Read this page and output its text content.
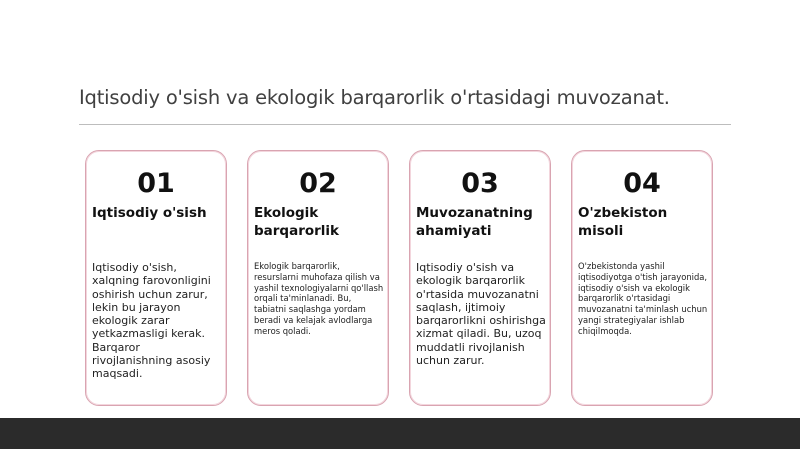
Iqtisodiy o'sish va ekologik barqarorlik o'rtasidagi muvozanat.
01
Iqtisodiy o'sish
Iqtisodiy o'sish, xalqning farovonligini oshirish uchun zarur, lekin bu jarayon ekologik zarar yetkazmasligi kerak. Barqaror rivojlanishning asosiy maqsadi.
02
Ekologik barqarorlik
Ekologik barqarorlik, resurslarni muhofaza qilish va yashil texnologiyalarni qo'llash orqali ta'minlanadi. Bu, tabiatni saqlashga yordam beradi va kelajak avlodlarga meros qoladi.
03
Muvozanatning ahamiyati
Iqtisodiy o'sish va ekologik barqarorlik o'rtasida muvozanatni saqlash, ijtimoiy barqarorlikni oshirishga xizmat qiladi. Bu, uzoq muddatli rivojlanish uchun zarur.
04
O'zbekiston misoli
O'zbekistonda yashil iqtisodiyotga o'tish jarayonida, iqtisodiy o'sish va ekologik barqarorlik o'rtasidagi muvozanatni ta'minlash uchun yangi strategiyalar ishlab chiqilmoqda.
